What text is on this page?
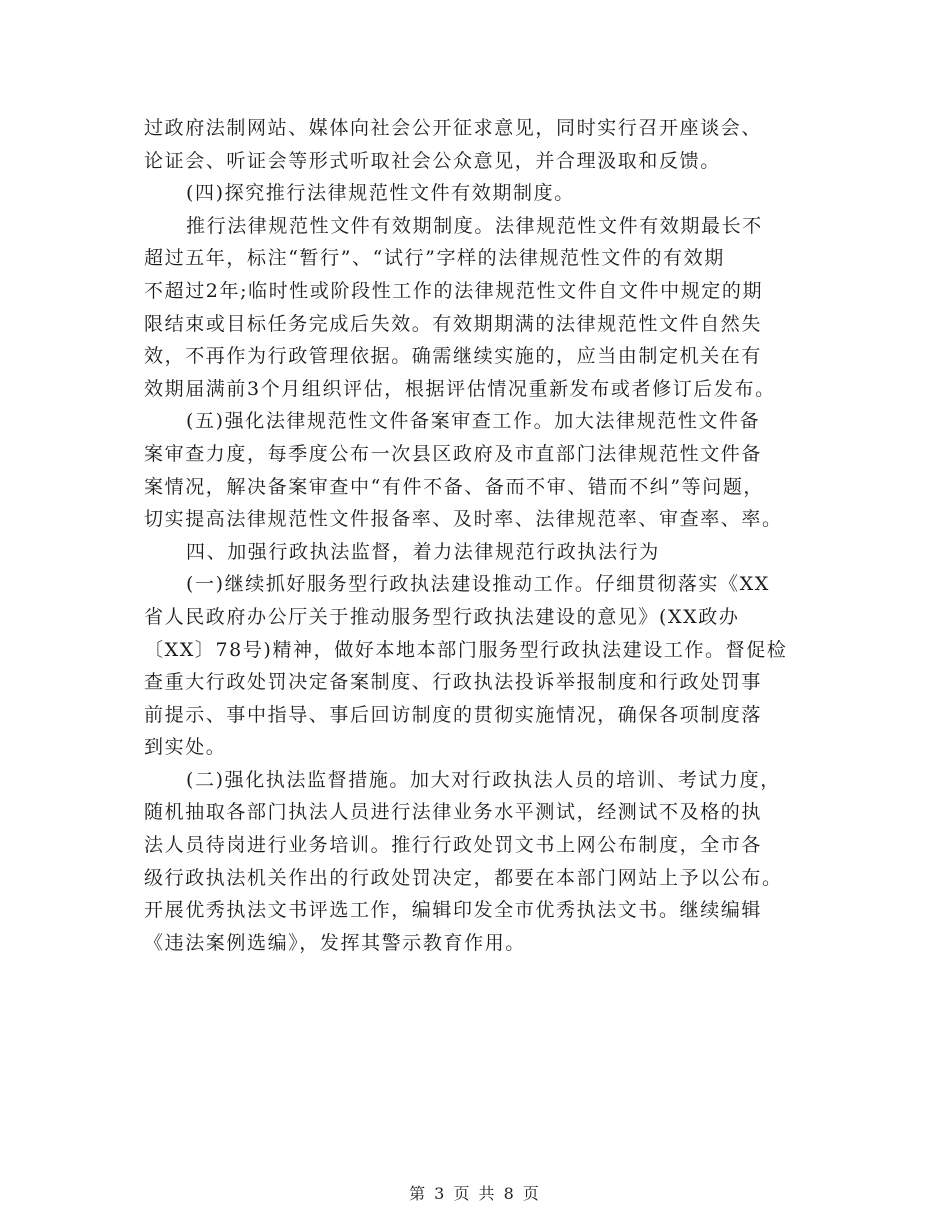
过政府法制网站、媒体向社会公开征求意见，同时实行召开座谈会、
论证会、听证会等形式听取社会公众意见，并合理汲取和反馈。
(四)探究推行法律规范性文件有效期制度。
推行法律规范性文件有效期制度。法律规范性文件有效期最长不
超过五年，标注“暂行”、“试行”字样的法律规范性文件的有效期
不超过2年;临时性或阶段性工作的法律规范性文件自文件中规定的期
限结束或目标任务完成后失效。有效期期满的法律规范性文件自然失
效，不再作为行政管理依据。确需继续实施的，应当由制定机关在有
效期届满前3个月组织评估，根据评估情况重新发布或者修订后发布。
(五)强化法律规范性文件备案审查工作。加大法律规范性文件备
案审查力度，每季度公布一次县区政府及市直部门法律规范性文件备
案情况，解决备案审查中“有件不备、备而不审、错而不纠”等问题，
切实提高法律规范性文件报备率、及时率、法律规范率、审查率、率。
四、加强行政执法监督，着力法律规范行政执法行为
(一)继续抓好服务型行政执法建设推动工作。仔细贯彻落实《XX
省人民政府办公厅关于推动服务型行政执法建设的意见》(XX政办
〔XX〕78号)精神，做好本地本部门服务型行政执法建设工作。督促检
查重大行政处罚决定备案制度、行政执法投诉举报制度和行政处罚事
前提示、事中指导、事后回访制度的贯彻实施情况，确保各项制度落
到实处。
(二)强化执法监督措施。加大对行政执法人员的培训、考试力度，
随机抽取各部门执法人员进行法律业务水平测试，经测试不及格的执
法人员待岗进行业务培训。推行行政处罚文书上网公布制度，全市各
级行政执法机关作出的行政处罚决定，都要在本部门网站上予以公布。
开展优秀执法文书评选工作，编辑印发全市优秀执法文书。继续编辑
《违法案例选编》，发挥其警示教育作用。
第 3 页 共 8 页
